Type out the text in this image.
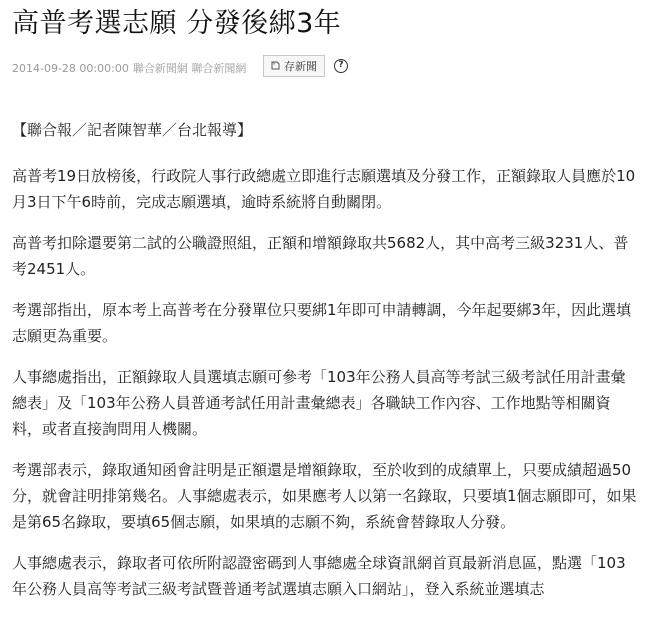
高普考選志願 分發後綁3年
2014-09-28 00:00:00 聯合新聞網 聯合新聞網	存新聞	?

【聯合報／記者陳智華／台北報導】

高普考19日放榜後，行政院人事行政總處立即進行志願選填及分發工作，正額錄取人員應於10月3日下午6時前，完成志願選填，逾時系統將自動關閉。

高普考扣除還要第二試的公職證照組，正額和增額錄取共5682人，其中高考三級3231人、普考2451人。

考選部指出，原本考上高普考在分發單位只要綁1年即可申請轉調，今年起要綁3年，因此選填志願更為重要。

人事總處指出，正額錄取人員選填志願可參考「103年公務人員高等考試三級考試任用計畫彙總表」及「103年公務人員普通考試任用計畫彙總表」各職缺工作內容、工作地點等相關資料，或者直接詢問用人機關。

考選部表示，錄取通知函會註明是正額還是增額錄取，至於收到的成績單上，只要成績超過50分，就會註明排第幾名。人事總處表示，如果應考人以第一名錄取，只要填1個志願即可，如果是第65名錄取，要填65個志願，如果填的志願不夠，系統會替錄取人分發。

人事總處表示，錄取者可依所附認證密碼到人事總處全球資訊網首頁最新消息區，點選「103年公務人員高等考試三級考試暨普通考試選填志願入口網站」，登入系統並選填志
